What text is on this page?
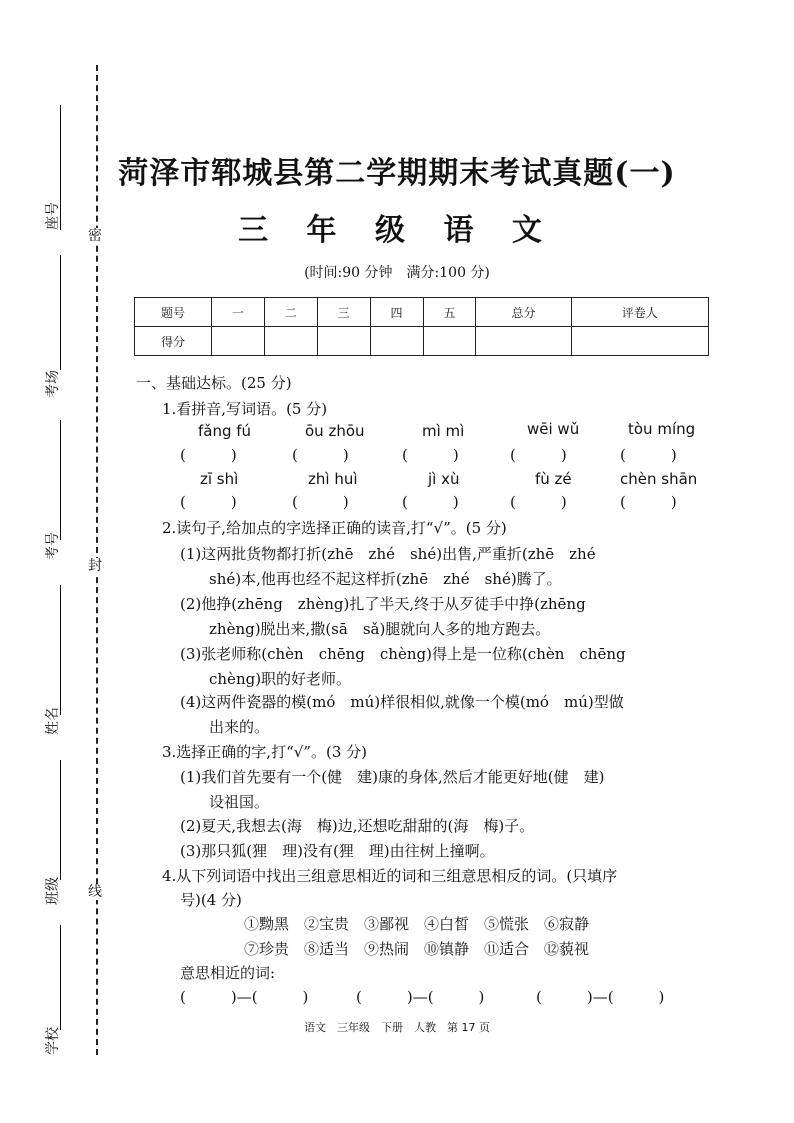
座号
考场
考号
姓名
班级
学校
密
封
线
菏泽市郓城县第二学期期末考试真题(一)
三 年 级 语 文
(时间:90 分钟　满分:100 分)
题号	一	二	三	四	五	总分	评卷人
得分							
一、基础达标。(25 分)
1.看拼音,写词语。(5 分)
fǎng fú	ōu zhōu	mì mì	wēi wǔ	tòu míng
(　　　)	(　　　)	(　　　)	(　　　)	(　　　)
zī shì	zhì huì	jì xù	fù zé	chèn shān
(　　　)	(　　　)	(　　　)	(　　　)	(　　　)
2.读句子,给加点的字选择正确的读音,打“√”。(5 分)
(1)这两批货物都打折(zhē　zhé　shé)出售,严重折(zhē　zhé
shé)本,他再也经不起这样折(zhē　zhé　shé)腾了。
(2)他挣(zhēng　zhèng)扎了半天,终于从歹徒手中挣(zhēng
zhèng)脱出来,撒(sā　sǎ)腿就向人多的地方跑去。
(3)张老师称(chèn　chēng　chèng)得上是一位称(chèn　chēng
chèng)职的好老师。
(4)这两件瓷器的模(mó　mú)样很相似,就像一个模(mó　mú)型做
出来的。
3.选择正确的字,打“√”。(3 分)
(1)我们首先要有一个(健　建)康的身体,然后才能更好地(健　建)
设祖国。
(2)夏天,我想去(海　梅)边,还想吃甜甜的(海　梅)子。
(3)那只狐(狸　理)没有(狸　理)由往树上撞啊。
4.从下列词语中找出三组意思相近的词和三组意思相反的词。(只填序
号)(4 分)
①黝黑　②宝贵　③鄙视　④白皙　⑤慌张　⑥寂静
⑦珍贵　⑧适当　⑨热闹　⑩镇静　⑪适合　⑫藐视
意思相近的词:
(　　　)—(　　　)	(　　　)—(　　　)	(　　　)—(　　　)
语文　三年级　下册　人教　第 17 页
